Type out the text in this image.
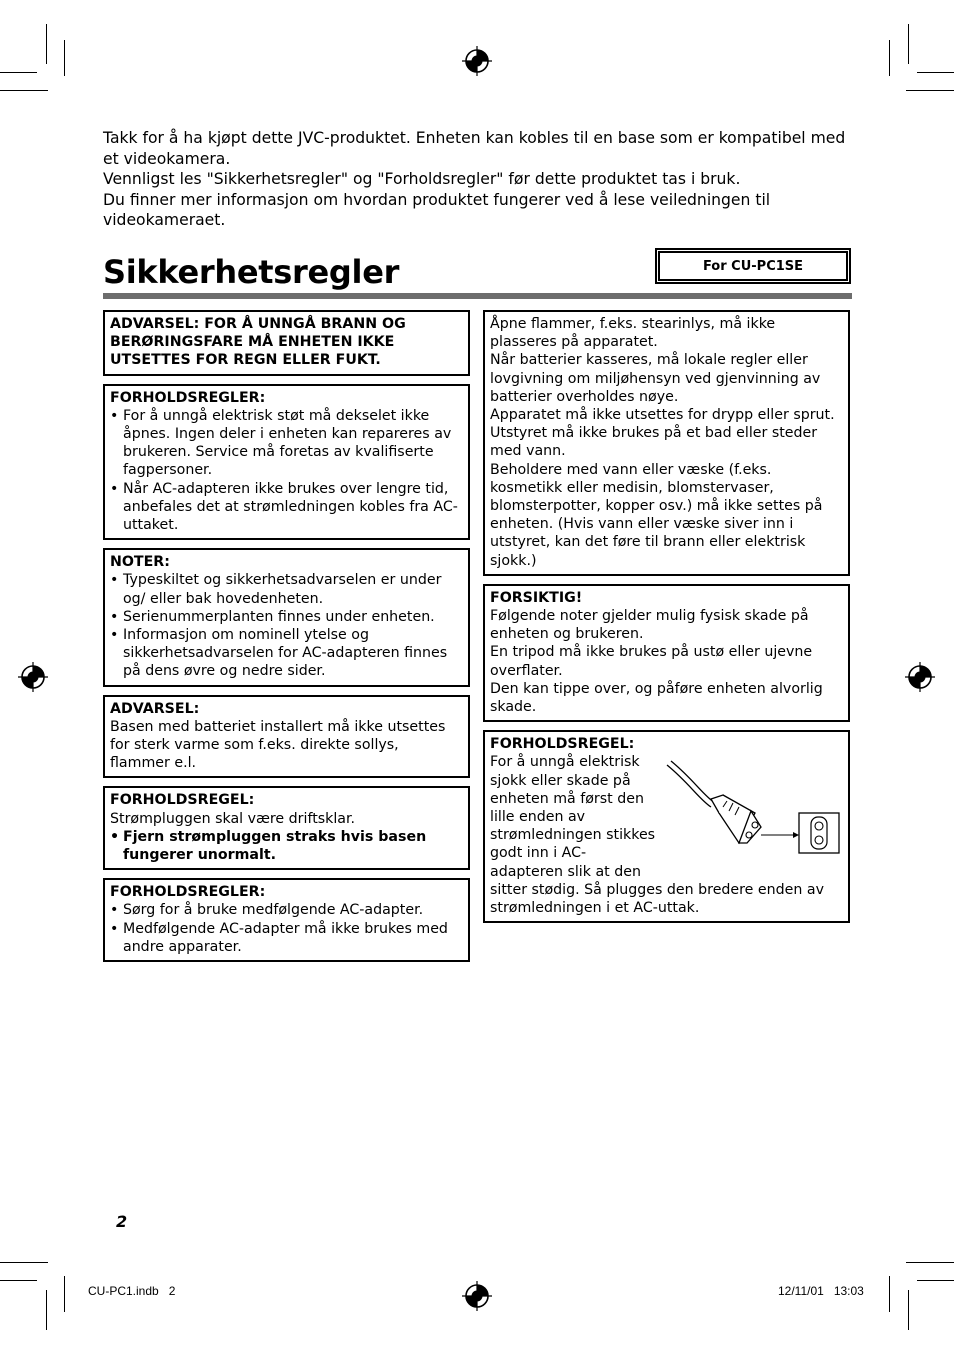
Takk for å ha kjøpt dette JVC-produktet. Enheten kan kobles til en base som er kompatibel med et videokamera.

Vennligst les "Sikkerhetsregler" og "Forholdsregler" før dette produktet tas i bruk.

Du finner mer informasjon om hvordan produktet fungerer ved å lese veiledningen til videokameraet.

Sikkerhetsregler	For CU-PC1SE
ADVARSEL: FOR Å UNNGÅ BRANN OG BERØRINGSFARE MÅ ENHETEN IKKE UTSETTES FOR REGN ELLER FUKT.
FORHOLDSREGLER:
• For å unngå elektrisk støt må dekselet ikke åpnes. Ingen deler i enheten kan repareres av brukeren. Service må foretas av kvalifiserte fagpersoner.
• Når AC-adapteren ikke brukes over lengre tid, anbefales det at strømledningen kobles fra AC-uttaket.
NOTER:
• Typeskiltet og sikkerhetsadvarselen er under og/ eller bak hovedenheten.
• Serienummerplanten finnes under enheten.
• Informasjon om nominell ytelse og sikkerhetsadvarselen for AC-adapteren finnes på dens øvre og nedre sider.
ADVARSEL:
Basen med batteriet installert må ikke utsettes for sterk varme som f.eks. direkte sollys, flammer e.l.
FORHOLDSREGEL:
Strømpluggen skal være driftsklar.
• Fjern strømpluggen straks hvis basen fungerer unormalt.
FORHOLDSREGLER:
• Sørg for å bruke medfølgende AC-adapter.
• Medfølgende AC-adapter må ikke brukes med andre apparater.
Åpne flammer, f.eks. stearinlys, må ikke plasseres på apparatet.
Når batterier kasseres, må lokale regler eller lovgivning om miljøhensyn ved gjenvinning av batterier overholdes nøye.
Apparatet må ikke utsettes for drypp eller sprut.
Utstyret må ikke brukes på et bad eller steder med vann.
Beholdere med vann eller væske (f.eks. kosmetikk eller medisin, blomstervaser, blomsterpotter, kopper osv.) må ikke settes på enheten. (Hvis vann eller væske siver inn i utstyret, kan det føre til brann eller elektrisk sjokk.)
FORSIKTIG!
Følgende noter gjelder mulig fysisk skade på enheten og brukeren.
En tripod må ikke brukes på ustø eller ujevne overflater.
Den kan tippe over, og påføre enheten alvorlig skade.
FORHOLDSREGEL:
For å unngå elektrisk sjokk eller skade på enheten må først den lille enden av strømledningen stikkes godt inn i AC-adapteren slik at den sitter stødig. Så plugges den bredere enden av strømledningen i et AC-uttak.
2
CU-PC1.indb   2	12/11/01   13:03
